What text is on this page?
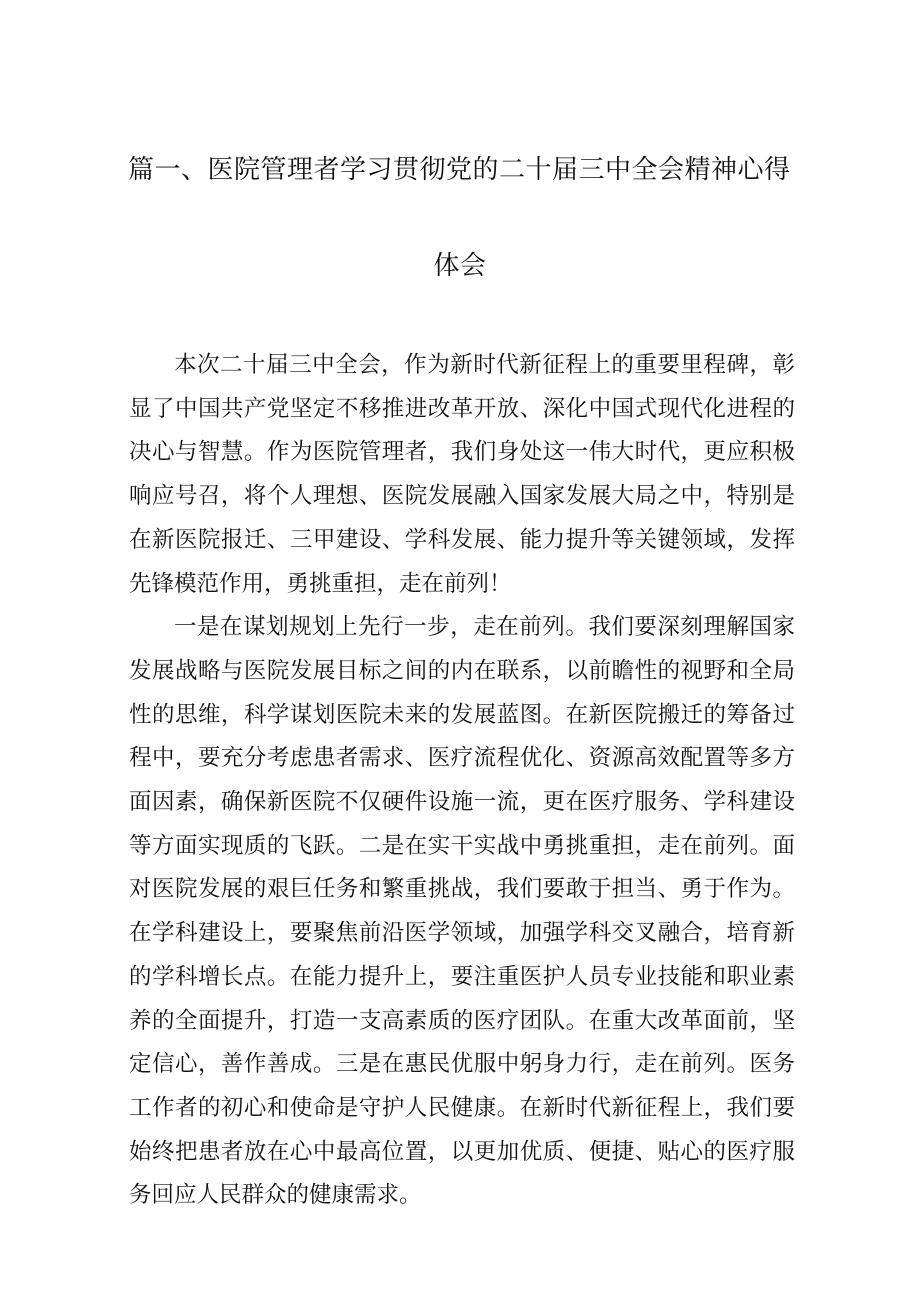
篇一、医院管理者学习贯彻党的二十届三中全会精神心得
体会

本次二十届三中全会，作为新时代新征程上的重要里程碑，彰显了中国共产党坚定不移推进改革开放、深化中国式现代化进程的决心与智慧。作为医院管理者，我们身处这一伟大时代，更应积极响应号召，将个人理想、医院发展融入国家发展大局之中，特别是在新医院报迁、三甲建设、学科发展、能力提升等关键领域，发挥先锋模范作用，勇挑重担，走在前列！

一是在谋划规划上先行一步，走在前列。我们要深刻理解国家发展战略与医院发展目标之间的内在联系，以前瞻性的视野和全局性的思维，科学谋划医院未来的发展蓝图。在新医院搬迁的筹备过程中，要充分考虑患者需求、医疗流程优化、资源高效配置等多方面因素，确保新医院不仅硬件设施一流，更在医疗服务、学科建设等方面实现质的飞跃。二是在实干实战中勇挑重担，走在前列。面对医院发展的艰巨任务和繁重挑战，我们要敢于担当、勇于作为。在学科建设上，要聚焦前沿医学领域，加强学科交叉融合，培育新的学科增长点。在能力提升上，要注重医护人员专业技能和职业素养的全面提升，打造一支高素质的医疗团队。在重大改革面前，坚定信心，善作善成。三是在惠民优服中躬身力行，走在前列。医务工作者的初心和使命是守护人民健康。在新时代新征程上，我们要始终把患者放在心中最高位置，以更加优质、便捷、贴心的医疗服务回应人民群众的健康需求。
